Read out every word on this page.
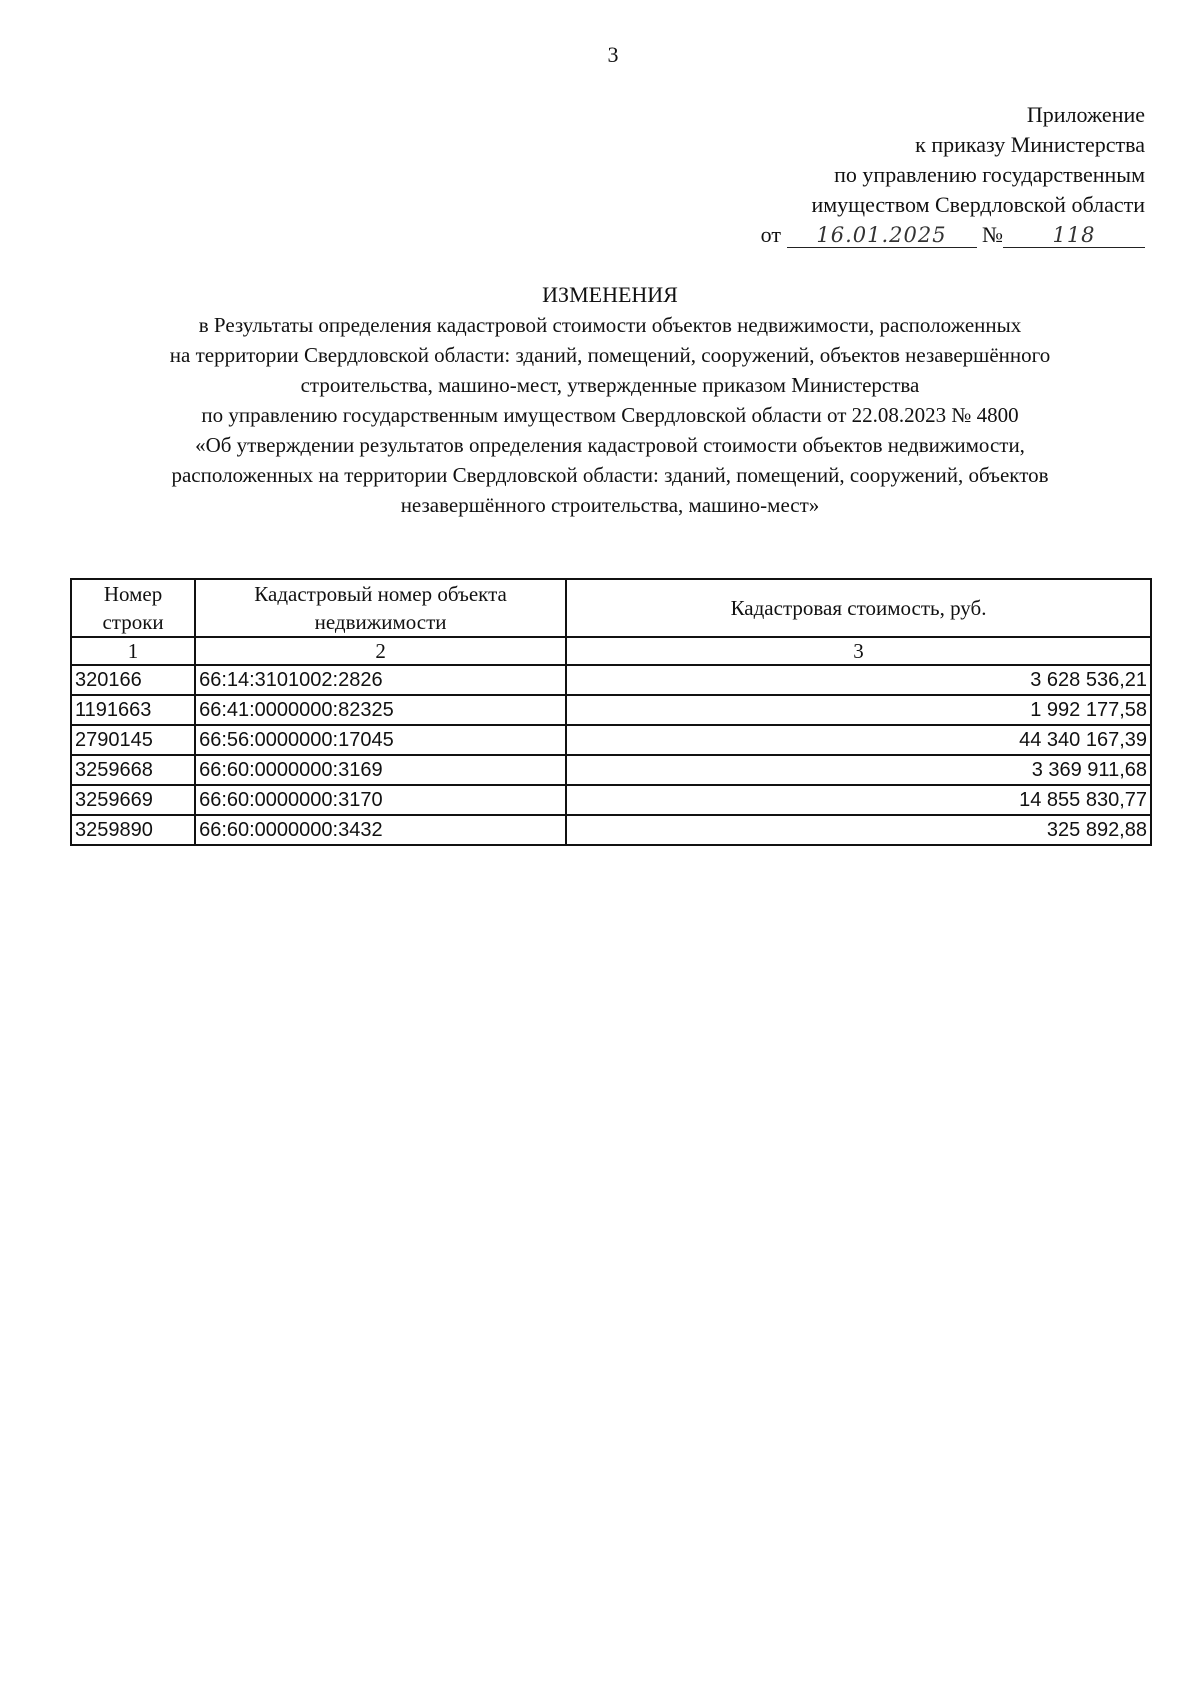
3
Приложение
к приказу Министерства
по управлению государственным
имуществом Свердловской области
от 16.01.2025 № 118
ИЗМЕНЕНИЯ
в Результаты определения кадастровой стоимости объектов недвижимости, расположенных
на территории Свердловской области: зданий, помещений, сооружений, объектов незавершённого
строительства, машино-мест, утвержденные приказом Министерства
по управлению государственным имуществом Свердловской области от 22.08.2023 № 4800
«Об утверждении результатов определения кадастровой стоимости объектов недвижимости,
расположенных на территории Свердловской области: зданий, помещений, сооружений, объектов
незавершённого строительства, машино-мест»
Номер строки	Кадастровый номер объекта недвижимости	Кадастровая стоимость, руб.
1	2	3
320166	66:14:3101002:2826	3 628 536,21
1191663	66:41:0000000:82325	1 992 177,58
2790145	66:56:0000000:17045	44 340 167,39
3259668	66:60:0000000:3169	3 369 911,68
3259669	66:60:0000000:3170	14 855 830,77
3259890	66:60:0000000:3432	325 892,88
